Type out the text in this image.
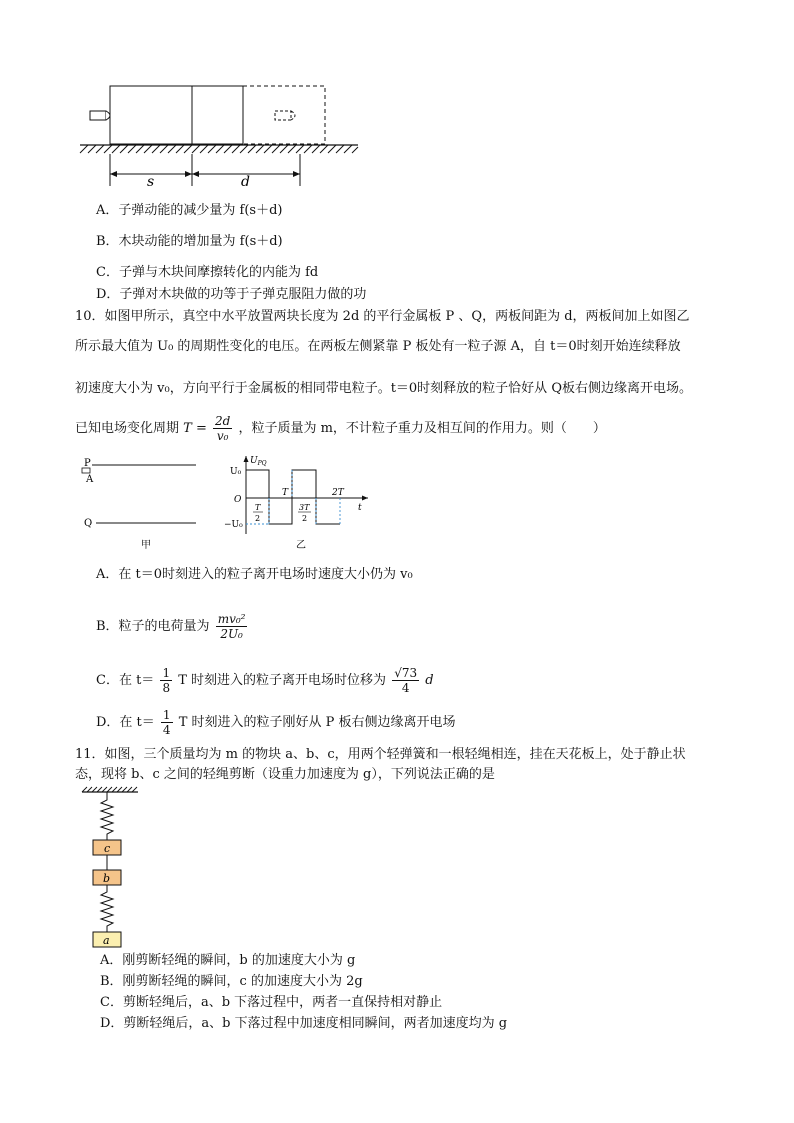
s	d
A．子弹动能的减少量为 f(s＋d)
B．木块动能的增加量为 f(s＋d)
C．子弹与木块间摩擦转化的内能为 fd
D．子弹对木块做的功等于子弹克服阻力做的功
10．如图甲所示，真空中水平放置两块长度为 2d 的平行金属板 P 、Q，两板间距为 d，两板间加上如图乙
所示最大值为 U₀ 的周期性变化的电压。在两板左侧紧靠 P 板处有一粒子源 A，自 t＝0时刻开始连续释放
初速度大小为 v₀，方向平行于金属板的相同带电粒子。t＝0时刻释放的粒子恰好从 Q板右侧边缘离开电场。
已知电场变化周期 $T = \frac{2d}{\text{v₀}}$ ，粒子质量为 m，不计粒子重力及相互间的作用力。则（　　）
P
A
Q
甲
$U_{PQ}$
U₀
−U₀
O
T	2T
t
T
2
3T
2
乙
A．在 t＝0时刻进入的粒子离开电场时速度大小仍为 v₀
B．粒子的电荷量为 $\frac{\text{mv₀²}}{\text{2U₀}}$
C．在 $t= \frac{1}{8}$ T 时刻进入的粒子离开电场时位移为 $\frac{√73}{4}$ d
D．在 $t= \frac{1}{4}$ T 时刻进入的粒子刚好从 P 板右侧边缘离开电场
11．如图，三个质量均为 m 的物块 a、b、c，用两个轻弹簧和一根轻绳相连，挂在天花板上，处于静止状
态，现将 b、c 之间的轻绳剪断（设重力加速度为 g），下列说法正确的是
c
b
a
A．刚剪断轻绳的瞬间，b 的加速度大小为 g
B．刚剪断轻绳的瞬间，c 的加速度大小为 2g
C．剪断轻绳后，a、b 下落过程中，两者一直保持相对静止
D．剪断轻绳后，a、b 下落过程中加速度相同瞬间，两者加速度均为 g
